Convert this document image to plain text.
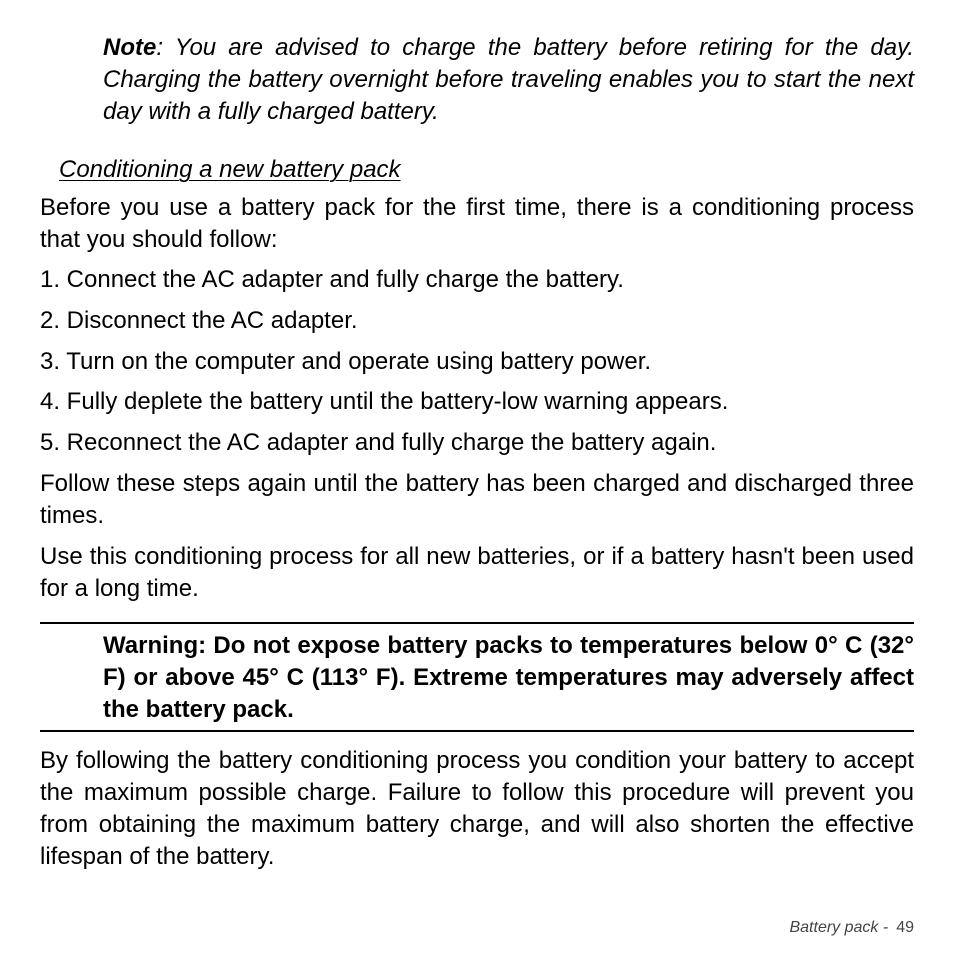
Note: You are advised to charge the battery before retiring for the day. Charging the battery overnight before traveling enables you to start the next day with a fully charged battery.
Conditioning a new battery pack
Before you use a battery pack for the first time, there is a conditioning process that you should follow:
1. Connect the AC adapter and fully charge the battery.
2. Disconnect the AC adapter.
3. Turn on the computer and operate using battery power.
4. Fully deplete the battery until the battery-low warning appears.
5. Reconnect the AC adapter and fully charge the battery again.
Follow these steps again until the battery has been charged and discharged three times.
Use this conditioning process for all new batteries, or if a battery hasn't been used for a long time.
Warning: Do not expose battery packs to temperatures below 0° C (32° F) or above 45° C (113° F). Extreme temperatures may adversely affect the battery pack.
By following the battery conditioning process you condition your battery to accept the maximum possible charge. Failure to follow this procedure will prevent you from obtaining the maximum battery charge, and will also shorten the effective lifespan of the battery.
Battery pack - 49
